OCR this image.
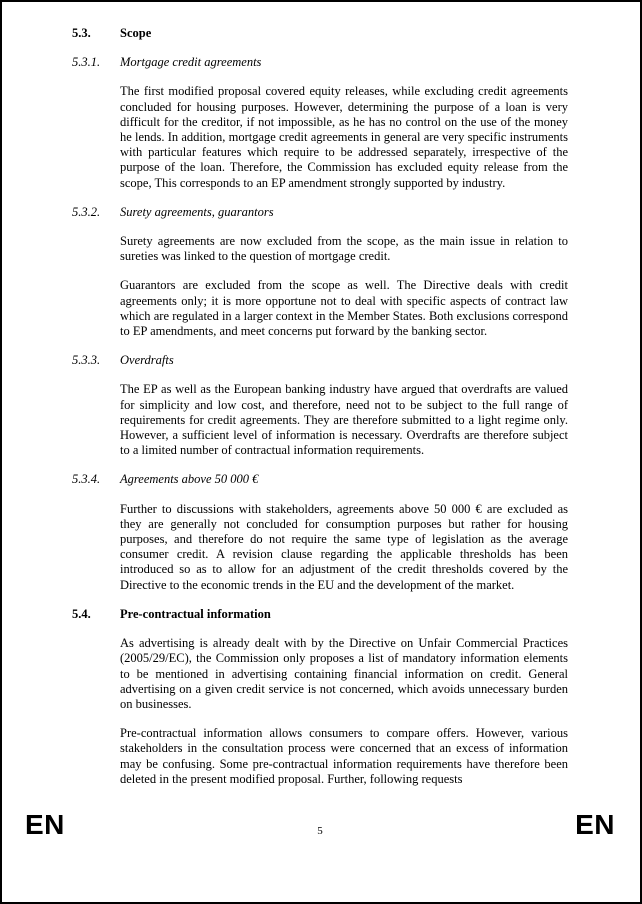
5.3.	Scope
5.3.1.	Mortgage credit agreements

The first modified proposal covered equity releases, while excluding credit agreements concluded for housing purposes. However, determining the purpose of a loan is very difficult for the creditor, if not impossible, as he has no control on the use of the money he lends. In addition, mortgage credit agreements in general are very specific instruments with particular features which require to be addressed separately, irrespective of the purpose of the loan. Therefore, the Commission has excluded equity release from the scope, This corresponds to an EP amendment strongly supported by industry.

5.3.2.	Surety agreements, guarantors

Surety agreements are now excluded from the scope, as the main issue in relation to sureties was linked to the question of mortgage credit.

Guarantors are excluded from the scope as well. The Directive deals with credit agreements only; it is more opportune not to deal with specific aspects of contract law which are regulated in a larger context in the Member States. Both exclusions correspond to EP amendments, and meet concerns put forward by the banking sector.

5.3.3.	Overdrafts

The EP as well as the European banking industry have argued that overdrafts are valued for simplicity and low cost, and therefore, need not to be subject to the full range of requirements for credit agreements. They are therefore submitted to a light regime only. However, a sufficient level of information is necessary. Overdrafts are therefore subject to a limited number of contractual information requirements.

5.3.4.	Agreements above 50 000 €

Further to discussions with stakeholders, agreements above 50 000 € are excluded as they are generally not concluded for consumption purposes but rather for housing purposes, and therefore do not require the same type of legislation as the average consumer credit. A revision clause regarding the applicable thresholds has been introduced so as to allow for an adjustment of the credit thresholds covered by the Directive to the economic trends in the EU and the development of the market.

5.4.	Pre-contractual information

As advertising is already dealt with by the Directive on Unfair Commercial Practices (2005/29/EC), the Commission only proposes a list of mandatory information elements to be mentioned in advertising containing financial information on credit. General advertising on a given credit service is not concerned, which avoids unnecessary burden on businesses.

Pre-contractual information allows consumers to compare offers. However, various stakeholders in the consultation process were concerned that an excess of information may be confusing. Some pre-contractual information requirements have therefore been deleted in the present modified proposal. Further, following requests

EN	5	EN
